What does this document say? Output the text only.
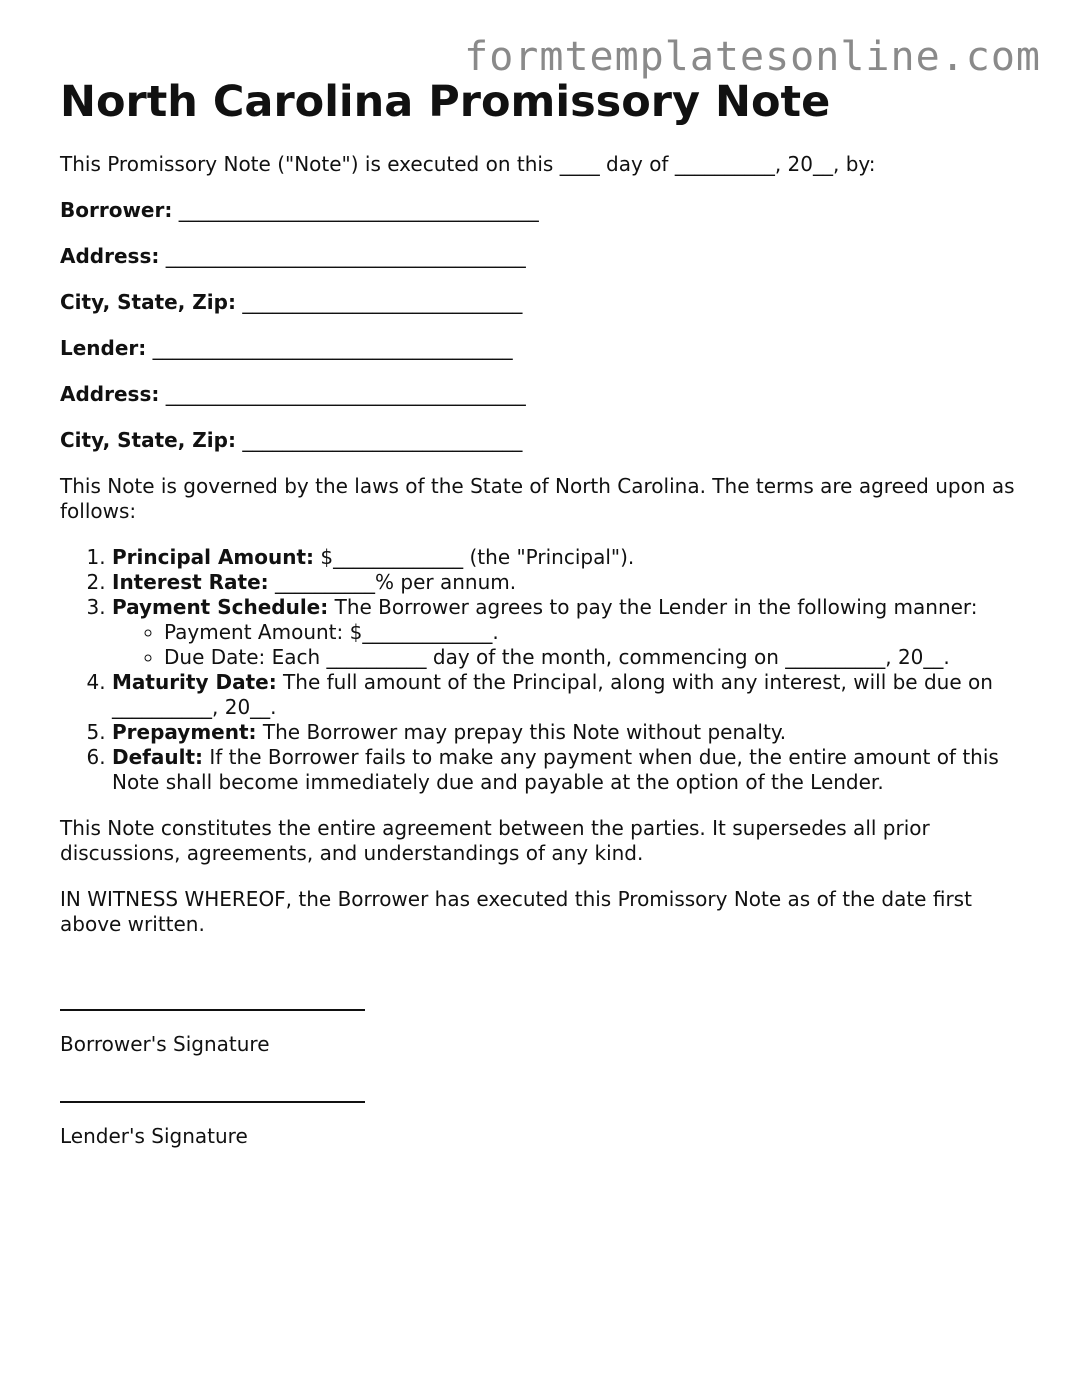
formtemplatesonline.com
North Carolina Promissory Note

This Promissory Note ("Note") is executed on this ____ day of __________, 20__, by:

Borrower: ____________________________________

Address: ____________________________________

City, State, Zip: ____________________________

Lender: ____________________________________

Address: ____________________________________

City, State, Zip: ____________________________

This Note is governed by the laws of the State of North Carolina. The terms are agreed upon as follows:

1. Principal Amount: $_____________ (the "Principal").
2. Interest Rate: __________% per annum.
3. Payment Schedule: The Borrower agrees to pay the Lender in the following manner:
◦ Payment Amount: $_____________.
◦ Due Date: Each __________ day of the month, commencing on __________, 20__.
4. Maturity Date: The full amount of the Principal, along with any interest, will be due on __________, 20__.
5. Prepayment: The Borrower may prepay this Note without penalty.
6. Default: If the Borrower fails to make any payment when due, the entire amount of this Note shall become immediately due and payable at the option of the Lender.

This Note constitutes the entire agreement between the parties. It supersedes all prior discussions, agreements, and understandings of any kind.

IN WITNESS WHEREOF, the Borrower has executed this Promissory Note as of the date first above written.

Borrower's Signature
Lender's Signature
